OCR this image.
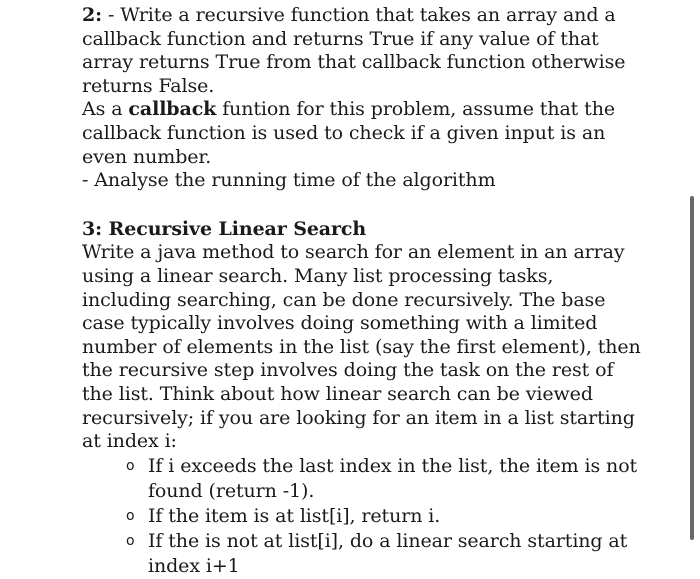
2: - Write a recursive function that takes an array and a callback function and returns True if any value of that array returns True from that callback function otherwise returns False.

As a callback funtion for this problem, assume that the callback function is used to check if a given input is an even number.

- Analyse the running time of the algorithm

3: Recursive Linear Search

Write a java method to search for an element in an array using a linear search. Many list processing tasks, including searching, can be done recursively. The base case typically involves doing something with a limited number of elements in the list (say the first element), then the recursive step involves doing the task on the rest of the list. Think about how linear search can be viewed recursively; if you are looking for an item in a list starting at index i:

o If i exceeds the last index in the list, the item is not found (return -1).
o If the item is at list[i], return i.
o If the is not at list[i], do a linear search starting at index i+1
